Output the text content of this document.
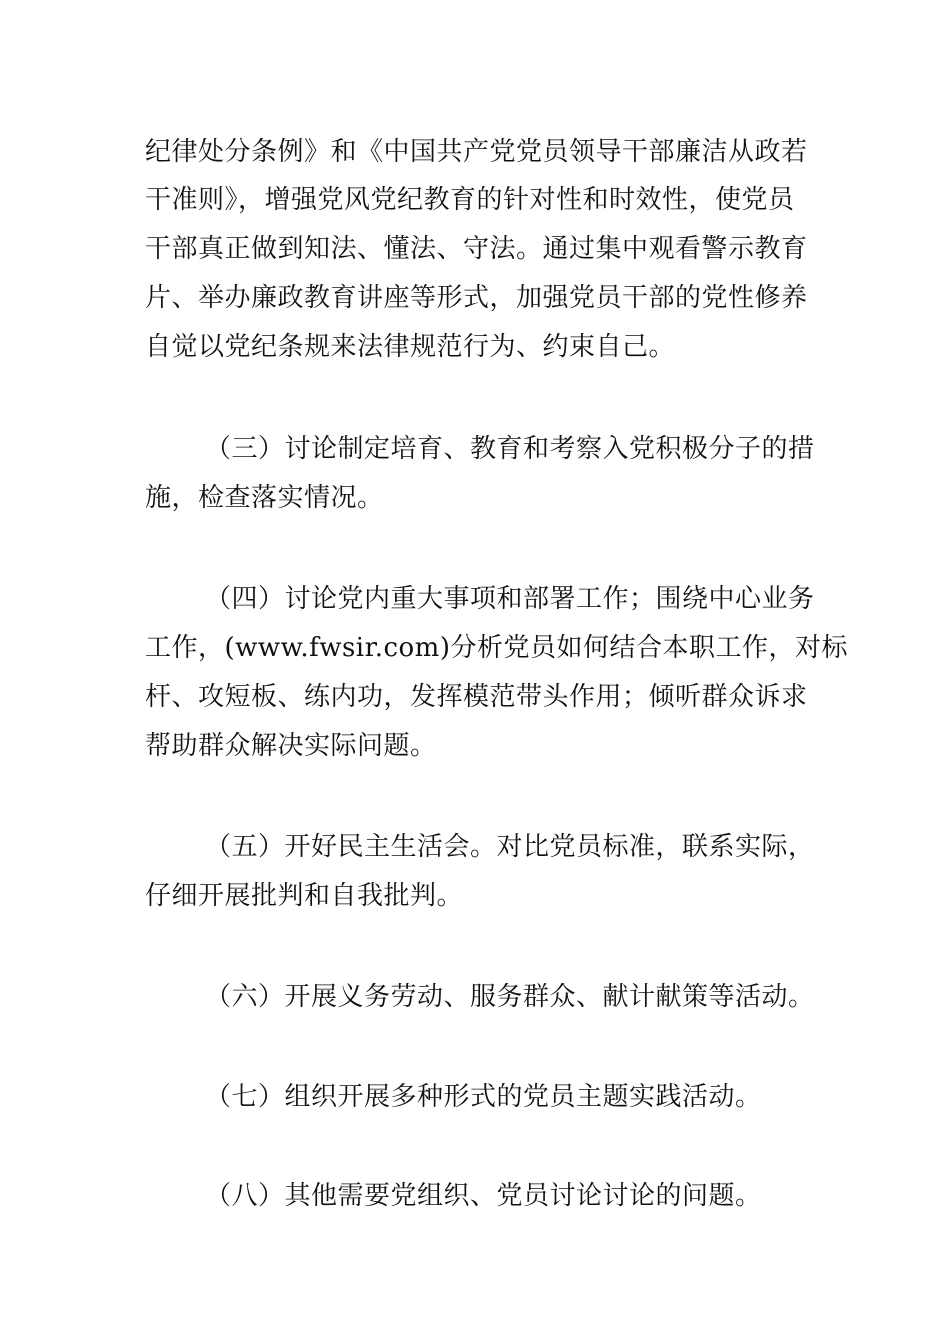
纪律处分条例》和《中国共产党党员领导干部廉洁从政若
干准则》，增强党风党纪教育的针对性和时效性，使党员
干部真正做到知法、懂法、守法。通过集中观看警示教育
片、举办廉政教育讲座等形式，加强党员干部的党性修养
自觉以党纪条规来法律规范行为、约束自己。
（三）讨论制定培育、教育和考察入党积极分子的措
施，检查落实情况。
（四）讨论党内重大事项和部署工作；围绕中心业务
工作，(www.fwsir.com)分析党员如何结合本职工作，对标
杆、攻短板、练内功，发挥模范带头作用；倾听群众诉求
帮助群众解决实际问题。
（五）开好民主生活会。对比党员标准，联系实际，
仔细开展批判和自我批判。
（六）开展义务劳动、服务群众、献计献策等活动。
（七）组织开展多种形式的党员主题实践活动。
（八）其他需要党组织、党员讨论讨论的问题。
